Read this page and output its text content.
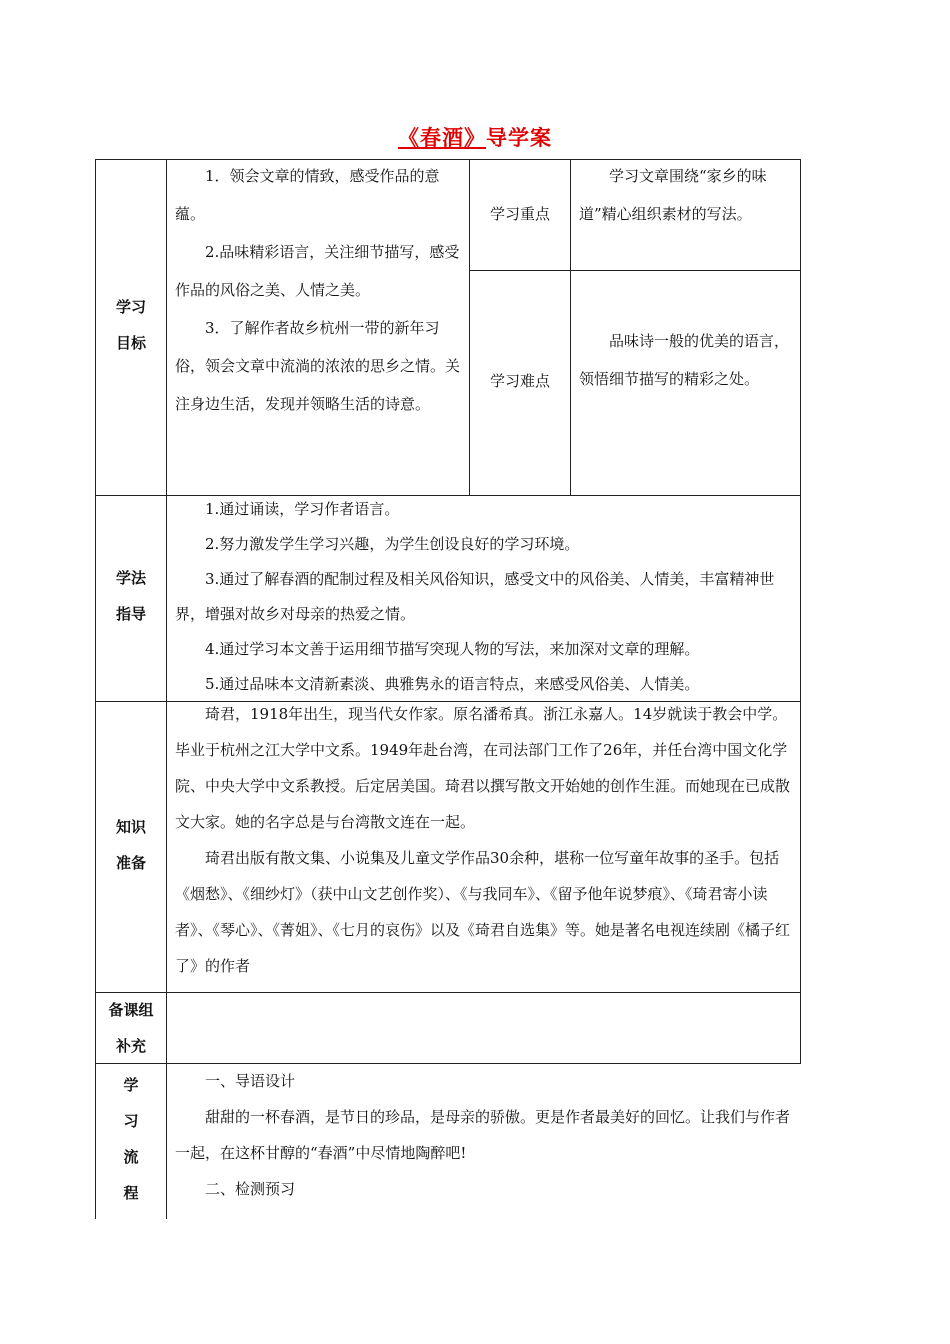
《春酒》导学案
学习
目标

1．领会文章的情致，感受作品的意蕴。

2.品味精彩语言，关注细节描写，感受作品的风俗之美、人情之美。

3．了解作者故乡杭州一带的新年习俗，领会文章中流淌的浓浓的思乡之情。关注身边生活，发现并领略生活的诗意。

学习重点

学习文章围绕“家乡的味道”精心组织素材的写法。

学习难点

品味诗一般的优美的语言，领悟细节描写的精彩之处。

学法
指导

1.通过诵读，学习作者语言。

2.努力激发学生学习兴趣，为学生创设良好的学习环境。

3.通过了解春酒的配制过程及相关风俗知识，感受文中的风俗美、人情美，丰富精神世界，增强对故乡对母亲的热爱之情。

4.通过学习本文善于运用细节描写突现人物的写法，来加深对文章的理解。

5.通过品味本文清新素淡、典雅隽永的语言特点，来感受风俗美、人情美。

知识
准备

琦君，1918年出生，现当代女作家。原名潘希真。浙江永嘉人。14岁就读于教会中学。毕业于杭州之江大学中文系。1949年赴台湾，在司法部门工作了26年，并任台湾中国文化学院、中央大学中文系教授。后定居美国。琦君以撰写散文开始她的创作生涯。而她现在已成散文大家。她的名字总是与台湾散文连在一起。

琦君出版有散文集、小说集及儿童文学作品30余种，堪称一位写童年故事的圣手。包括《烟愁》、《细纱灯》（获中山文艺创作奖）、《与我同车》、《留予他年说梦痕》、《琦君寄小读者》、《琴心》、《菁姐》、《七月的哀伤》以及《琦君自选集》等。她是著名电视连续剧《橘子红了》的作者

备课组
补充
学
习
流
程

一、导语设计

甜甜的一杯春酒，是节日的珍品，是母亲的骄傲。更是作者最美好的回忆。让我们与作者一起，在这杯甘醇的“春酒”中尽情地陶醉吧!

二、检测预习
